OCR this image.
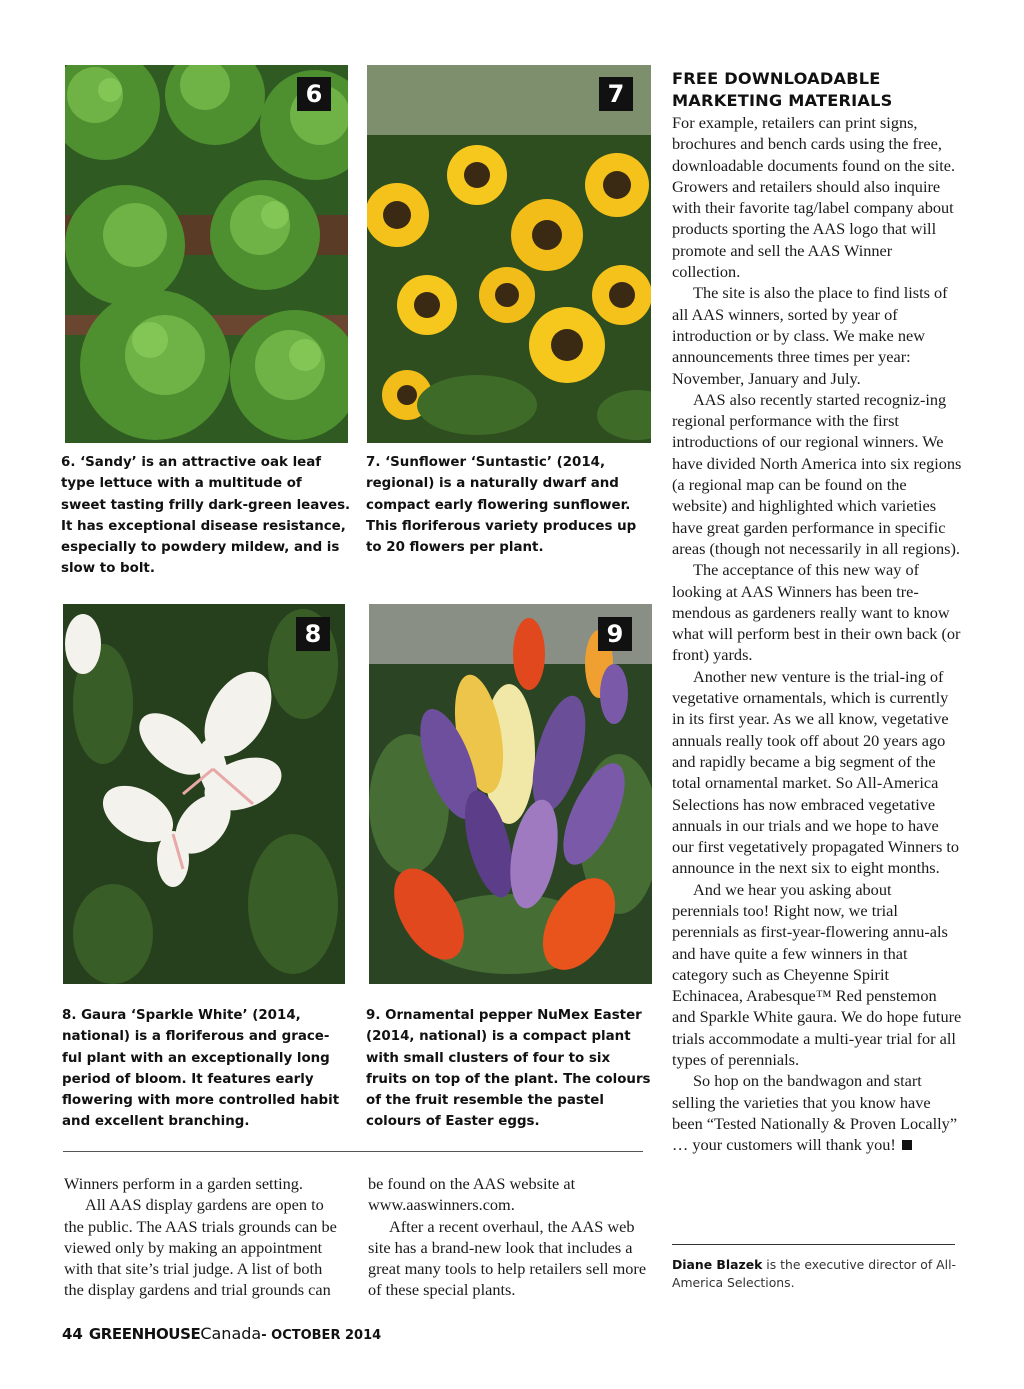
6	7
8	9

6. ‘Sandy’ is an attractive oak leaf type lettuce with a multitude of sweet tasting frilly dark-green leaves. It has exceptional disease resistance, especially to powdery mildew, and is slow to bolt.

7. ‘Sunflower ‘Suntastic’ (2014, regional) is a naturally dwarf and compact early flowering sunflower. This floriferous variety produces up to 20 flowers per plant.

8. Gaura ‘Sparkle White’ (2014, national) is a floriferous and grace-ful plant with an exceptionally long period of bloom. It features early flowering with more controlled habit and excellent branching.

9. Ornamental pepper NuMex Easter (2014, national) is a compact plant with small clusters of four to six fruits on top of the plant. The colours of the fruit resemble the pastel colours of Easter eggs.

Winners perform in a garden setting.

All AAS display gardens are open to the public. The AAS trials grounds can be viewed only by making an appointment with that site’s trial judge. A list of both the display gardens and trial grounds can

be found on the AAS website at www.aaswinners.com.

After a recent overhaul, the AAS web site has a brand-new look that includes a great many tools to help retailers sell more of these special plants.

FREE DOWNLOADABLE MARKETING MATERIALS

For example, retailers can print signs, brochures and bench cards using the free, downloadable documents found on the site. Growers and retailers should also inquire with their favorite tag/label company about products sporting the AAS logo that will promote and sell the AAS Winner collection.

The site is also the place to find lists of all AAS winners, sorted by year of introduction or by class. We make new announcements three times per year: November, January and July.

AAS also recently started recogniz-ing regional performance with the first introductions of our regional winners. We have divided North America into six regions (a regional map can be found on the website) and highlighted which varieties have great garden performance in specific areas (though not necessarily in all regions).

The acceptance of this new way of looking at AAS Winners has been tre-mendous as gardeners really want to know what will perform best in their own back (or front) yards.

Another new venture is the trial-ing of vegetative ornamentals, which is currently in its first year. As we all know, vegetative annuals really took off about 20 years ago and rapidly became a big segment of the total ornamental market. So All-America Selections has now embraced vegetative annuals in our trials and we hope to have our first vegetatively propagated Winners to announce in the next six to eight months.

And we hear you asking about perennials too! Right now, we trial perennials as first-year-flowering annu-als and have quite a few winners in that category such as Cheyenne Spirit Echinacea, Arabesque™ Red penstemon and Sparkle White gaura. We do hope future trials accommodate a multi-year trial for all types of perennials.

So hop on the bandwagon and start selling the varieties that you know have been “Tested Nationally & Proven Locally” … your customers will thank you!

Diane Blazek is the executive director of All-America Selections.

44 GREENHOUSECanada- OCTOBER 2014
